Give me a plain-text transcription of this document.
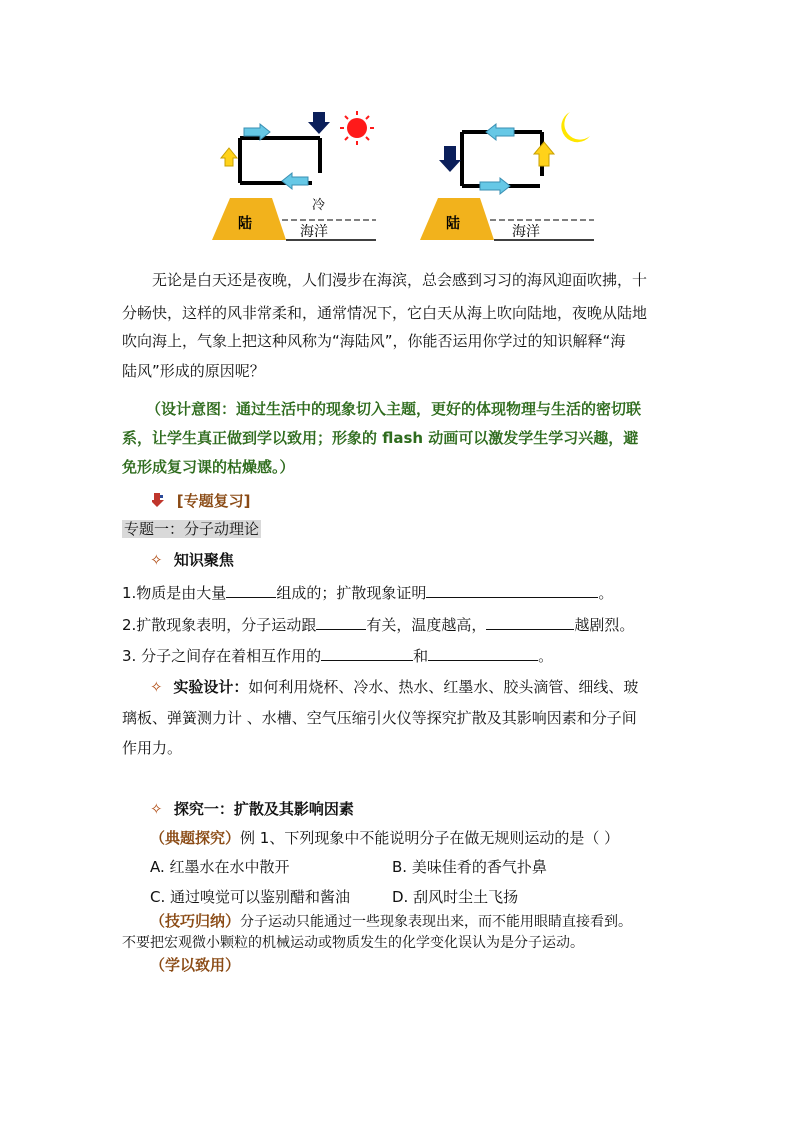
陆
冷
海洋	陆	海洋
无论是白天还是夜晚，人们漫步在海滨，总会感到习习的海风迎面吹拂，十
分畅快，这样的风非常柔和，通常情况下，它白天从海上吹向陆地，夜晚从陆地
吹向海上，气象上把这种风称为“海陆风”，你能否运用你学过的知识解释“海
陆风”形成的原因呢？
（设计意图：通过生活中的现象切入主题，更好的体现物理与生活的密切联
系，让学生真正做到学以致用；形象的 flash 动画可以激发学生学习兴趣，避
免形成复习课的枯燥感。）
[专题复习]
专题一：分子动理论
✧ 知识聚焦
1.物质是由大量	组成的；扩散现象证明	。
2.扩散现象表明，分子运动跟	有关，温度越高，	越剧烈。
3. 分子之间存在着相互作用的	和	。
✧ 实验设计：如何利用烧杯、冷水、热水、红墨水、胶头滴管、细线、玻
璃板、弹簧测力计 、水槽、空气压缩引火仪等探究扩散及其影响因素和分子间
作用力。
✧ 探究一：扩散及其影响因素
（典题探究）例 1、下列现象中不能说明分子在做无规则运动的是（ ）
A. 红墨水在水中散开	B. 美味佳肴的香气扑鼻
C. 通过嗅觉可以鉴别醋和酱油	D. 刮风时尘土飞扬
（技巧归纳）分子运动只能通过一些现象表现出来，而不能用眼睛直接看到。
不要把宏观微小颗粒的机械运动或物质发生的化学变化误认为是分子运动。
（学以致用）
